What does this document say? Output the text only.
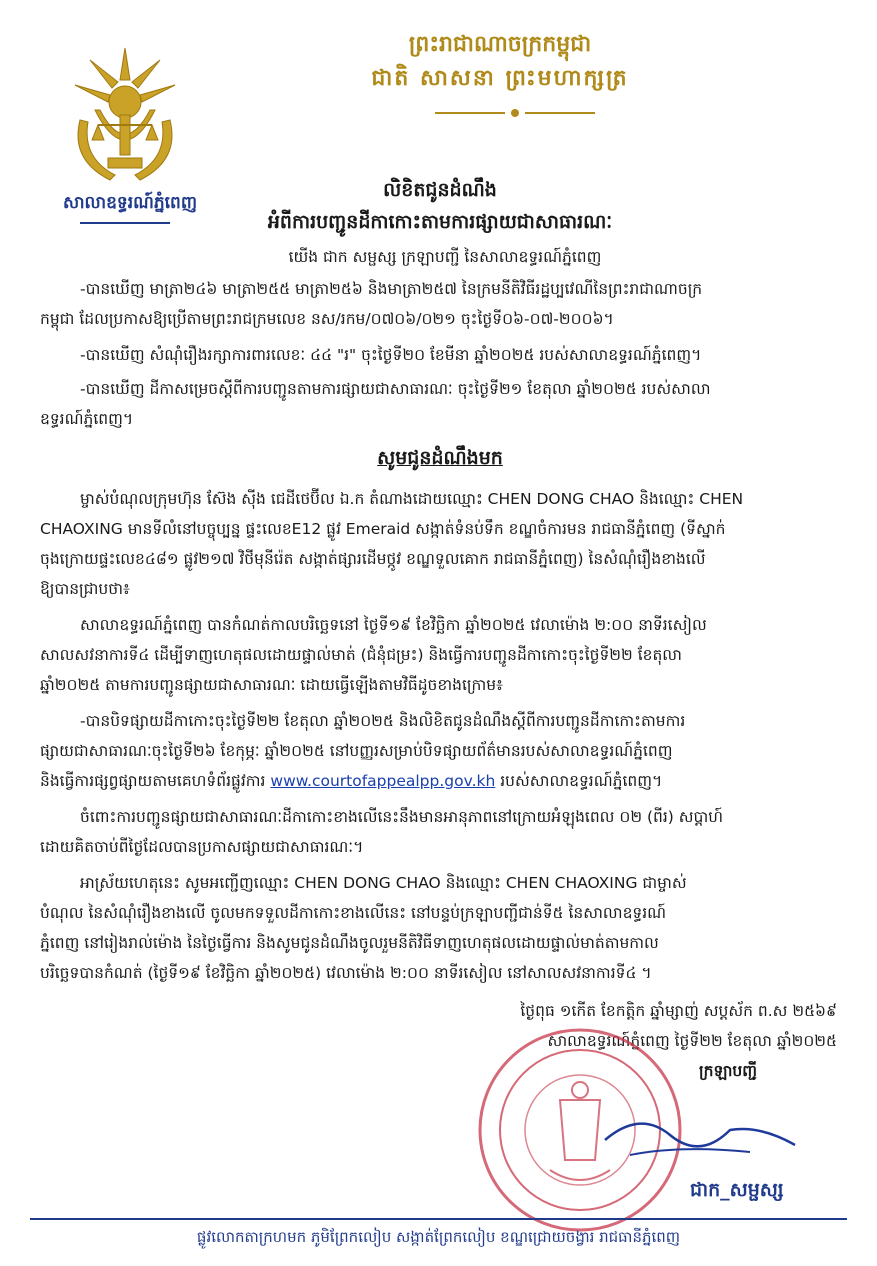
ព្រះរាជាណាចក្រកម្ពុជា
ជាតិ សាសនា ព្រះមហាក្សត្រ
សាលាឧទ្ធរណ៍ភ្នំពេញ
លិខិតជូនដំណឹង
អំពីការបញ្ជូនដីកាកោះតាមការផ្សាយជាសាធារណៈ
យើង ជាក សម្ផស្ស ក្រឡាបញ្ជី នៃសាលាឧទ្ធរណ៍ភ្នំពេញ
-បានឃើញ មាត្រា២៤៦ មាត្រា២៥៥ មាត្រា២៥៦ និងមាត្រា២៥៧ នៃក្រមនីតិវិធីរដ្ឋប្បវេណីនៃព្រះរាជាណាចក្រ
កម្ពុជា ដែលប្រកាសឱ្យប្រើតាមព្រះរាជក្រមលេខ នស/រកម/០៧០៦/០២១ ចុះថ្ងៃទី០៦-០៧-២០០៦។
-បានឃើញ សំណុំរឿងរក្សាការពារលេខៈ ៤៤ "រ" ចុះថ្ងៃទី២០ ខែមីនា ឆ្នាំ២០២៥ របស់សាលាឧទ្ធរណ៍ភ្នំពេញ។
-បានឃើញ ដីកាសម្រេចស្តីពីការបញ្ជូនតាមការផ្សាយជាសាធារណៈ ចុះថ្ងៃទី២១ ខែតុលា ឆ្នាំ២០២៥ របស់សាលា
ឧទ្ធរណ៍ភ្នំពេញ។
សូមជូនដំណឹងមក
ម្ចាស់បំណុលក្រុមហ៊ុន ស៊ែង ស៊ីង ជេដីថេប៊ីល ឯ.ក តំណាងដោយឈ្មោះ CHEN DONG CHAO និងឈ្មោះ CHEN
CHAOXING មានទីលំនៅបច្ចុប្បន្ន ផ្ទះលេខE12 ផ្លូវ Emeraid សង្កាត់ទំនប់ទឹក ខណ្ឌចំការមន រាជធានីភ្នំពេញ (ទីស្នាក់
ចុងក្រោយផ្ទះលេខ៤៨១ ផ្លូវ២១៧ វិថីមុនីរ៉េត សង្កាត់ផ្សារដើមថ្កូវ ខណ្ឌទួលគោក រាជធានីភ្នំពេញ) នៃសំណុំរឿងខាងលើ
ឱ្យបានជ្រាបថា៖
សាលាឧទ្ធរណ៍ភ្នំពេញ បានកំណត់កាលបរិច្ឆេទនៅ ថ្ងៃទី១៩ ខែវិច្ឆិកា ឆ្នាំ២០២៥ វេលាម៉ោង ២:០០ នាទីរសៀល
សាលសវនាការទី៤ ដើម្បីទាញហេតុផលដោយផ្ទាល់មាត់ (ជំនុំជម្រះ) និងធ្វើការបញ្ជូនដីកាកោះចុះថ្ងៃទី២២ ខែតុលា
ឆ្នាំ២០២៥ តាមការបញ្ជូនផ្សាយជាសាធារណៈ ដោយធ្វើឡើងតាមវិធីដូចខាងក្រោម៖
-បានបិទផ្សាយដីកាកោះចុះថ្ងៃទី២២ ខែតុលា ឆ្នាំ២០២៥ និងលិខិតជូនដំណឹងស្តីពីការបញ្ជូនដីកាកោះតាមការ
ផ្សាយជាសាធារណៈចុះថ្ងៃទី២៦ ខែកុម្ភៈ ឆ្នាំ២០២៥ នៅបញ្ញរសម្រាប់បិទផ្សាយព័ត៌មានរបស់សាលាឧទ្ធរណ៍ភ្នំពេញ
និងធ្វើការផ្សព្វផ្សាយតាមគេហទំព័រផ្លូវការ www.courtofappealpp.gov.kh របស់សាលាឧទ្ធរណ៍ភ្នំពេញ។
ចំពោះការបញ្ជូនផ្សាយជាសាធារណៈដីកាកោះខាងលើនេះនឹងមានអានុភាពនៅក្រោយអំឡុងពេល ០២ (ពីរ) សប្តាហ៍
ដោយគិតចាប់ពីថ្ងៃដែលបានប្រកាសផ្សាយជាសាធារណៈ។
អាស្រ័យហេតុនេះ សូមអញ្ជើញឈ្មោះ CHEN DONG CHAO និងឈ្មោះ CHEN CHAOXING ជាម្ចាស់
បំណុល នៃសំណុំរឿងខាងលើ ចូលមកទទួលដីកាកោះខាងលើនេះ នៅបន្ទប់ក្រឡាបញ្ជីជាន់ទី៥ នៃសាលាឧទ្ធរណ៍
ភ្នំពេញ នៅរៀងរាល់ម៉ោង នៃថ្ងៃធ្វើការ និងសូមជូនដំណឹងចូលរួមនីតិវិធីទាញហេតុផលដោយផ្ទាល់មាត់តាមកាល
បរិច្ឆេទបានកំណត់ (ថ្ងៃទី១៩ ខែវិច្ឆិកា ឆ្នាំ២០២៥) វេលាម៉ោង ២:០០ នាទីរសៀល នៅសាលសវនាការទី៤ ។
ថ្ងៃពុធ ១កើត ខែកត្តិក ឆ្នាំម្សាញ់ សប្តស័ក ព.ស ២៥៦៩
សាលាឧទ្ធរណ៍ភ្នំពេញ ថ្ងៃទី២២ ខែតុលា ឆ្នាំ២០២៥
ក្រឡាបញ្ជី
ជាក_សម្ផស្ស
ផ្លូវលោកតាក្រហមក ភូមិព្រែកលៀប សង្កាត់ព្រែកលៀប ខណ្ឌជ្រោយចង្វារ រាជធានីភ្នំពេញ
